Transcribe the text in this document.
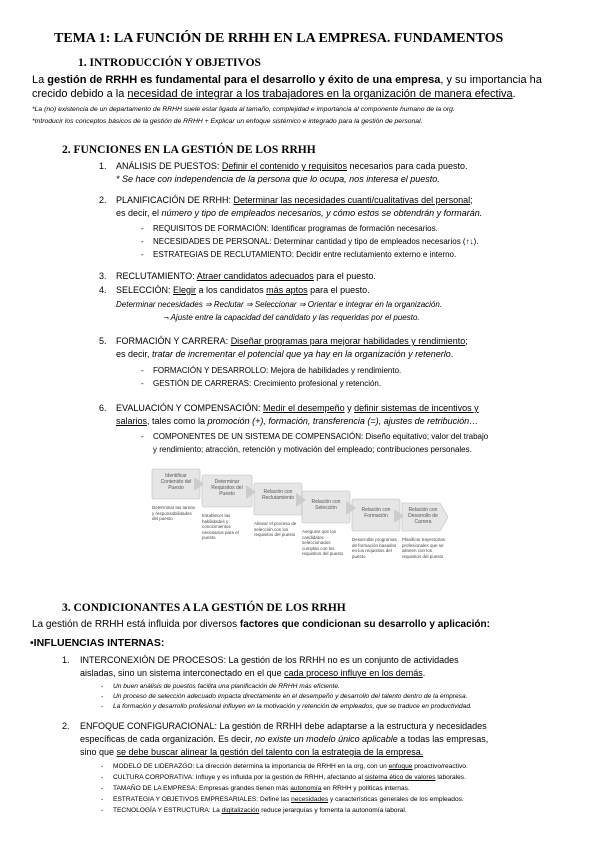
TEMA 1: LA FUNCIÓN DE RRHH EN LA EMPRESA. FUNDAMENTOS
1. INTRODUCCIÓN Y OBJETIVOS
La gestión de RRHH es fundamental para el desarrollo y éxito de una empresa, y su importancia ha
crecido debido a la necesidad de integrar a los trabajadores en la organización de manera efectiva.
*La (no) existencia de un departamento de RRHH suele estar ligada al tamaño, complejidad e importancia al componente humano de la org.
*Introducir los conceptos básicos de la gestión de RRHH + Explicar un enfoque sistémico e integrado para la gestión de personal.
2. FUNCIONES EN LA GESTIÓN DE LOS RRHH
1. ANÁLISIS DE PUESTOS: Definir el contenido y requisitos necesarios para cada puesto.
* Se hace con independencia de la persona que lo ocupa, nos interesa el puesto.
2. PLANIFICACIÓN DE RRHH: Determinar las necesidades cuanti/cualitativas del personal;
es decir, el número y tipo de empleados necesarios, y cómo estos se obtendrán y formarán.
- REQUISITOS DE FORMACIÓN: Identificar programas de formación necesarios.
- NECESIDADES DE PERSONAL: Determinar cantidad y tipo de empleados necesarios (↑↓).
- ESTRATEGIAS DE RECLUTAMIENTO: Decidir entre reclutamiento externo e interno.
3. RECLUTAMIENTO: Atraer candidatos adecuados para el puesto.
4. SELECCIÓN: Elegir a los candidatos más aptos para el puesto.
Determinar necesidades ⇒ Reclutar ⇒ Seleccionar ⇒ Orientar e integrar en la organización.
¬ Ajuste entre la capacidad del candidato y las requeridas por el puesto.
5. FORMACIÓN Y CARRERA: Diseñar programas para mejorar habilidades y rendimiento;
es decir, tratar de incrementar el potencial que ya hay en la organización y retenerlo.
- FORMACIÓN Y DESARROLLO: Mejora de habilidades y rendimiento.
- GESTIÓN DE CARRERAS: Crecimiento profesional y retención.
6. EVALUACIÓN Y COMPENSACIÓN: Medir el desempeño y definir sistemas de incentivos y
salarios, tales como la promoción (+), formación, transferencia (=), ajustes de retribución…
- COMPONENTES DE UN SISTEMA DE COMPENSACIÓN: Diseño equitativo; valor del trabajo
y rendimiento; atracción, retención y motivación del empleado; contribuciones personales.
Identificar Contenido del Puesto
Determinar Requisitos del Puesto	Relación con Reclutamiento
Relación con Selección	Relación con Formación
Relación con Desarrollo de Carrera
Determinar las tareas y responsabilidades del puesto
Establecer las habilidades y conocimientos necesarios para el puesto
Alinear el proceso de selección con los requisitos del puesto
Asegurar que los candidatos seleccionados cumplan con los requisitos del puesto
Desarrollar programas de formación basados en los requisitos del puesto
Planificar trayectorias profesionales que se alineen con los requisitos del puesto
3. CONDICIONANTES A LA GESTIÓN DE LOS RRHH
La gestión de RRHH está influida por diversos factores que condicionan su desarrollo y aplicación:
•INFLUENCIAS INTERNAS:
1. INTERCONEXIÓN DE PROCESOS: La gestión de los RRHH no es un conjunto de actividades
aisladas, sino un sistema interconectado en el que cada proceso influye en los demás.
- Un buen análisis de puestos facilita una planificación de RRHH más eficiente.
- Un proceso de selección adecuado impacta directamente en el desempeño y desarrollo del talento dentro de la empresa.
- La formación y desarrollo profesional influyen en la motivación y retención de empleados, que se traduce en productividad.
2. ENFOQUE CONFIGURACIONAL: La gestión de RRHH debe adaptarse a la estructura y necesidades
específicas de cada organización. Es decir, no existe un modelo único aplicable a todas las empresas,
sino que se debe buscar alinear la gestión del talento con la estrategia de la empresa.
- MODELO DE LIDERAZGO: La dirección determina la importancia de RRHH en la org, con un enfoque proactivo/reactivo.
- CULTURA CORPORATIVA: Influye y es influida por la gestión de RRHH, afectando al sistema ético de valores laborales.
- TAMAÑO DE LA EMPRESA: Empresas grandes tienen más autonomía en RRHH y políticas internas.
- ESTRATEGIA Y OBJETIVOS EMPRESARIALES: Define las necesidades y características generales de los empleados.
- TECNOLOGÍA Y ESTRUCTURA: La digitalización reduce jerarquías y fomenta la autonomía laboral.
